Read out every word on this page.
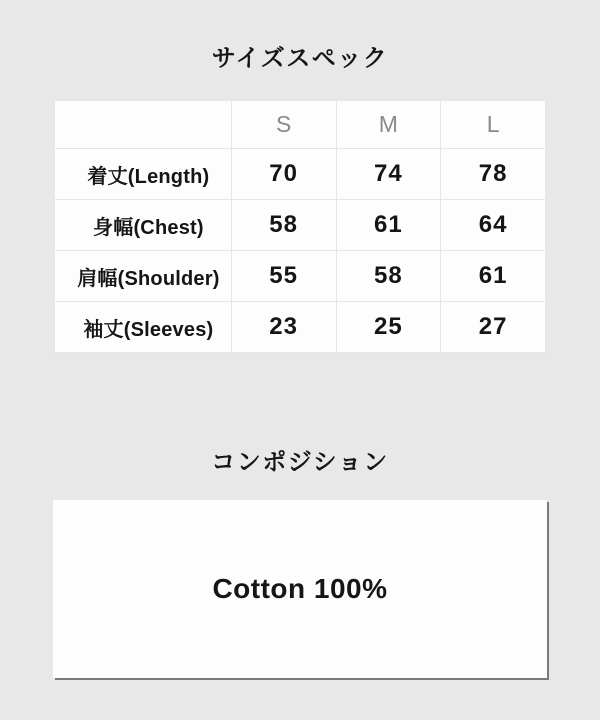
サイズスペック
	S	M	L
着丈(Length)	70	74	78
身幅(Chest)	58	61	64
肩幅(Shoulder)	55	58	61
袖丈(Sleeves)	23	25	27
コンポジション
Cotton 100%
